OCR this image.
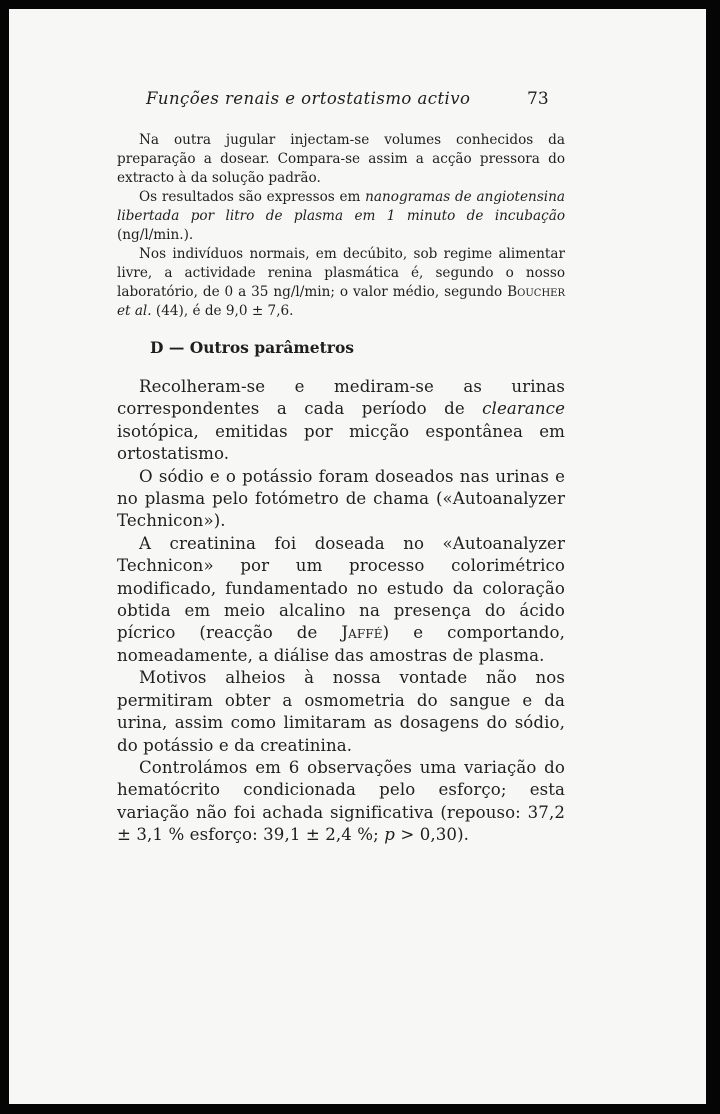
Funções renais e ortostatismo activo	73

Na outra jugular injectam-se volumes conhecidos da preparação a dosear. Compara-se assim a acção pressora do extracto à da solução padrão.

Os resultados são expressos em nanogramas de angiotensina libertada por litro de plasma em 1 minuto de incubação (ng/l/min.).

Nos indivíduos normais, em decúbito, sob regime alimentar livre, a actividade renina plasmática é, segundo o nosso laboratório, de 0 a 35 ng/l/min; o valor médio, segundo Boucher et al. (44), é de 9,0 ± 7,6.

D — Outros parâmetros

Recolheram-se e mediram-se as urinas correspondentes a cada período de clearance isotópica, emitidas por micção espontânea em ortostatismo.

O sódio e o potássio foram doseados nas urinas e no plasma pelo fotómetro de chama («Autoanalyzer Technicon»).

A creatinina foi doseada no «Autoanalyzer Technicon» por um processo colorimétrico modificado, fundamentado no estudo da coloração obtida em meio alcalino na presença do ácido pícrico (reacção de Jaffé) e comportando, nomeadamente, a diálise das amostras de plasma.

Motivos alheios à nossa vontade não nos permitiram obter a osmometria do sangue e da urina, assim como limitaram as dosagens do sódio, do potássio e da creatinina.

Controlámos em 6 observações uma variação do hematócrito condicionada pelo esforço; esta variação não foi achada significativa (repouso: 37,2 ± 3,1 % esforço: 39,1 ± 2,4 %; p > 0,30).
